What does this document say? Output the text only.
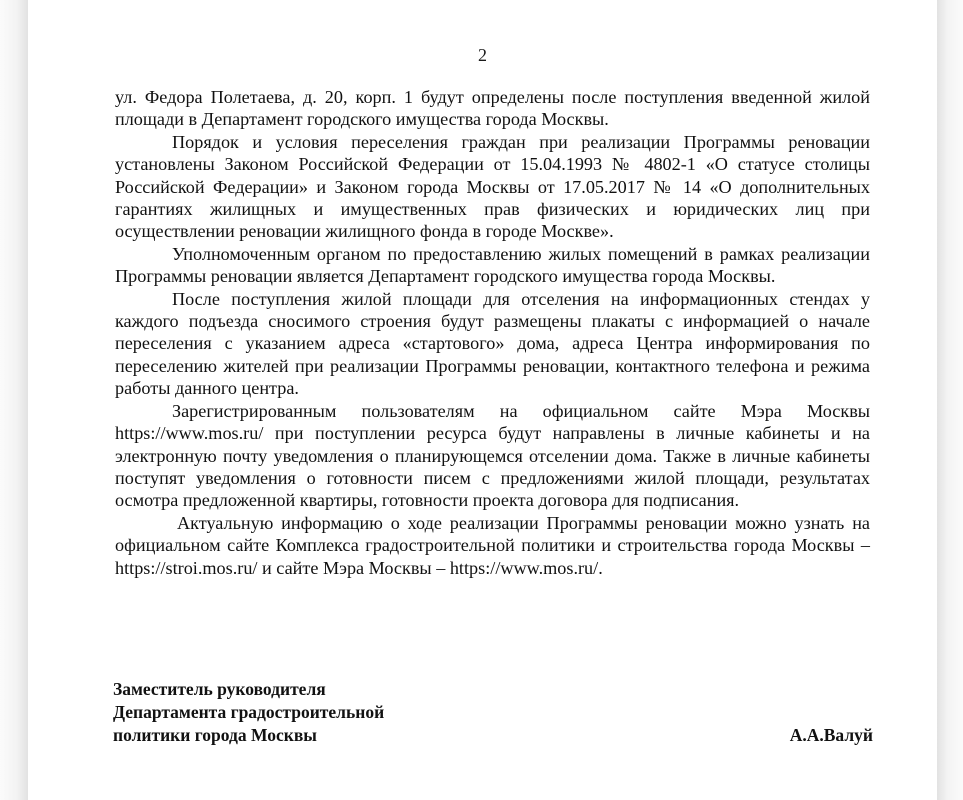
2

ул. Федора Полетаева, д. 20, корп. 1 будут определены после поступления введенной жилой площади в Департамент городского имущества города Москвы.

Порядок и условия переселения граждан при реализации Программы реновации установлены Законом Российской Федерации от 15.04.1993 № 4802-1 «О статусе столицы Российской Федерации» и Законом города Москвы от 17.05.2017 № 14 «О дополнительных гарантиях жилищных и имущественных прав физических и юридических лиц при осуществлении реновации жилищного фонда в городе Москве».

Уполномоченным органом по предоставлению жилых помещений в рамках реализации Программы реновации является Департамент городского имущества города Москвы.

После поступления жилой площади для отселения на информационных стендах у каждого подъезда сносимого строения будут размещены плакаты с информацией о начале переселения с указанием адреса «стартового» дома, адреса Центра информирования по переселению жителей при реализации Программы реновации, контактного телефона и режима работы данного центра.

Зарегистрированным пользователям на официальном сайте Мэра Москвы https://www.mos.ru/ при поступлении ресурса будут направлены в личные кабинеты и на электронную почту уведомления о планирующемся отселении дома. Также в личные кабинеты поступят уведомления о готовности писем с предложениями жилой площади, результатах осмотра предложенной квартиры, готовности проекта договора для подписания.

Актуальную информацию о ходе реализации Программы реновации можно узнать на официальном сайте Комплекса градостроительной политики и строительства города Москвы – https://stroi.mos.ru/ и сайте Мэра Москвы – https://www.mos.ru/.

Заместитель руководителя
Департамента градостроительной
политики города Москвы	А.А.Валуй
